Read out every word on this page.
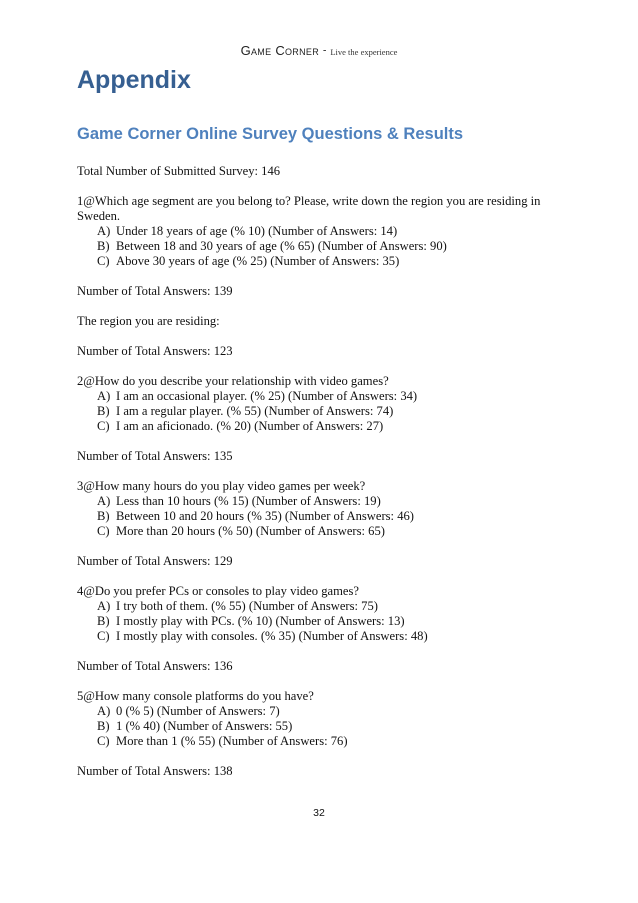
Game Corner - Live the experience
Appendix
Game Corner Online Survey Questions & Results

Total Number of Submitted Survey: 146

1@Which age segment are you belong to? Please, write down the region you are residing in Sweden.

A) Under 18 years of age (% 10) (Number of Answers: 14)
B) Between 18 and 30 years of age (% 65) (Number of Answers: 90)
C) Above 30 years of age (% 25) (Number of Answers: 35)

Number of Total Answers: 139

The region you are residing:

Number of Total Answers: 123

2@How do you describe your relationship with video games?

A) I am an occasional player. (% 25) (Number of Answers: 34)
B) I am a regular player. (% 55) (Number of Answers: 74)
C) I am an aficionado. (% 20) (Number of Answers: 27)

Number of Total Answers: 135

3@How many hours do you play video games per week?

A) Less than 10 hours (% 15) (Number of Answers: 19)
B) Between 10 and 20 hours (% 35) (Number of Answers: 46)
C) More than 20 hours (% 50) (Number of Answers: 65)

Number of Total Answers: 129

4@Do you prefer PCs or consoles to play video games?

A) I try both of them. (% 55) (Number of Answers: 75)
B) I mostly play with PCs. (% 10) (Number of Answers: 13)
C) I mostly play with consoles. (% 35) (Number of Answers: 48)

Number of Total Answers: 136

5@How many console platforms do you have?

A) 0 (% 5) (Number of Answers: 7)
B) 1 (% 40) (Number of Answers: 55)
C) More than 1 (% 55) (Number of Answers: 76)

Number of Total Answers: 138

32
